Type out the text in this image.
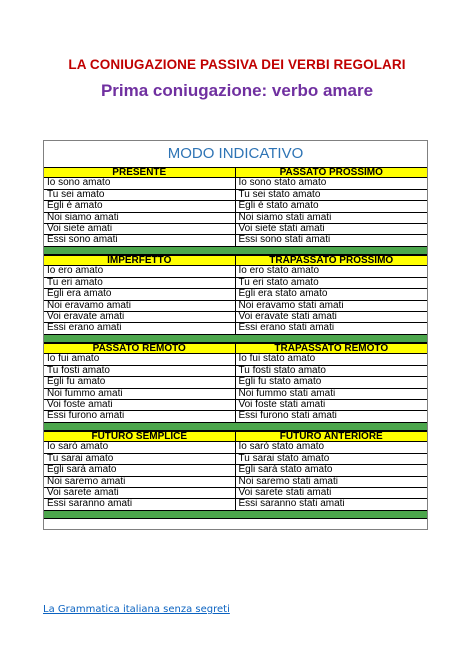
LA CONIUGAZIONE PASSIVA DEI VERBI REGOLARI
Prima coniugazione: verbo amare
MODO INDICATIVO
PRESENTE	PASSATO PROSSIMO
Io sono amato	Io sono stato amato
Tu sei amato	Tu sei stato amato
Egli è amato	Egli è stato amato
Noi siamo amati	Noi siamo stati amati
Voi siete amati	Voi siete stati amati
Essi sono amati	Essi sono stati amati
IMPERFETTO	TRAPASSATO PROSSIMO
Io ero amato	Io ero stato amato
Tu eri amato	Tu eri stato amato
Egli era amato	Egli era stato amato
Noi eravamo amati	Noi eravamo stati amati
Voi eravate amati	Voi eravate stati amati
Essi erano amati	Essi erano stati amati
PASSATO REMOTO	TRAPASSATO REMOTO
Io fui amato	Io fui stato amato
Tu fosti amato	Tu fosti stato amato
Egli fu amato	Egli fu stato amato
Noi fummo amati	Noi fummo stati amati
Voi foste amati	Voi foste stati amati
Essi furono amati	Essi furono stati amati
FUTURO SEMPLICE	FUTURO ANTERIORE
Io sarò amato	Io sarò stato amato
Tu sarai amato	Tu sarai stato amato
Egli sarà amato	Egli sarà stato amato
Noi saremo amati	Noi saremo stati amati
Voi sarete amati	Voi sarete stati amati
Essi saranno amati	Essi saranno stati amati
La Grammatica italiana senza segreti
